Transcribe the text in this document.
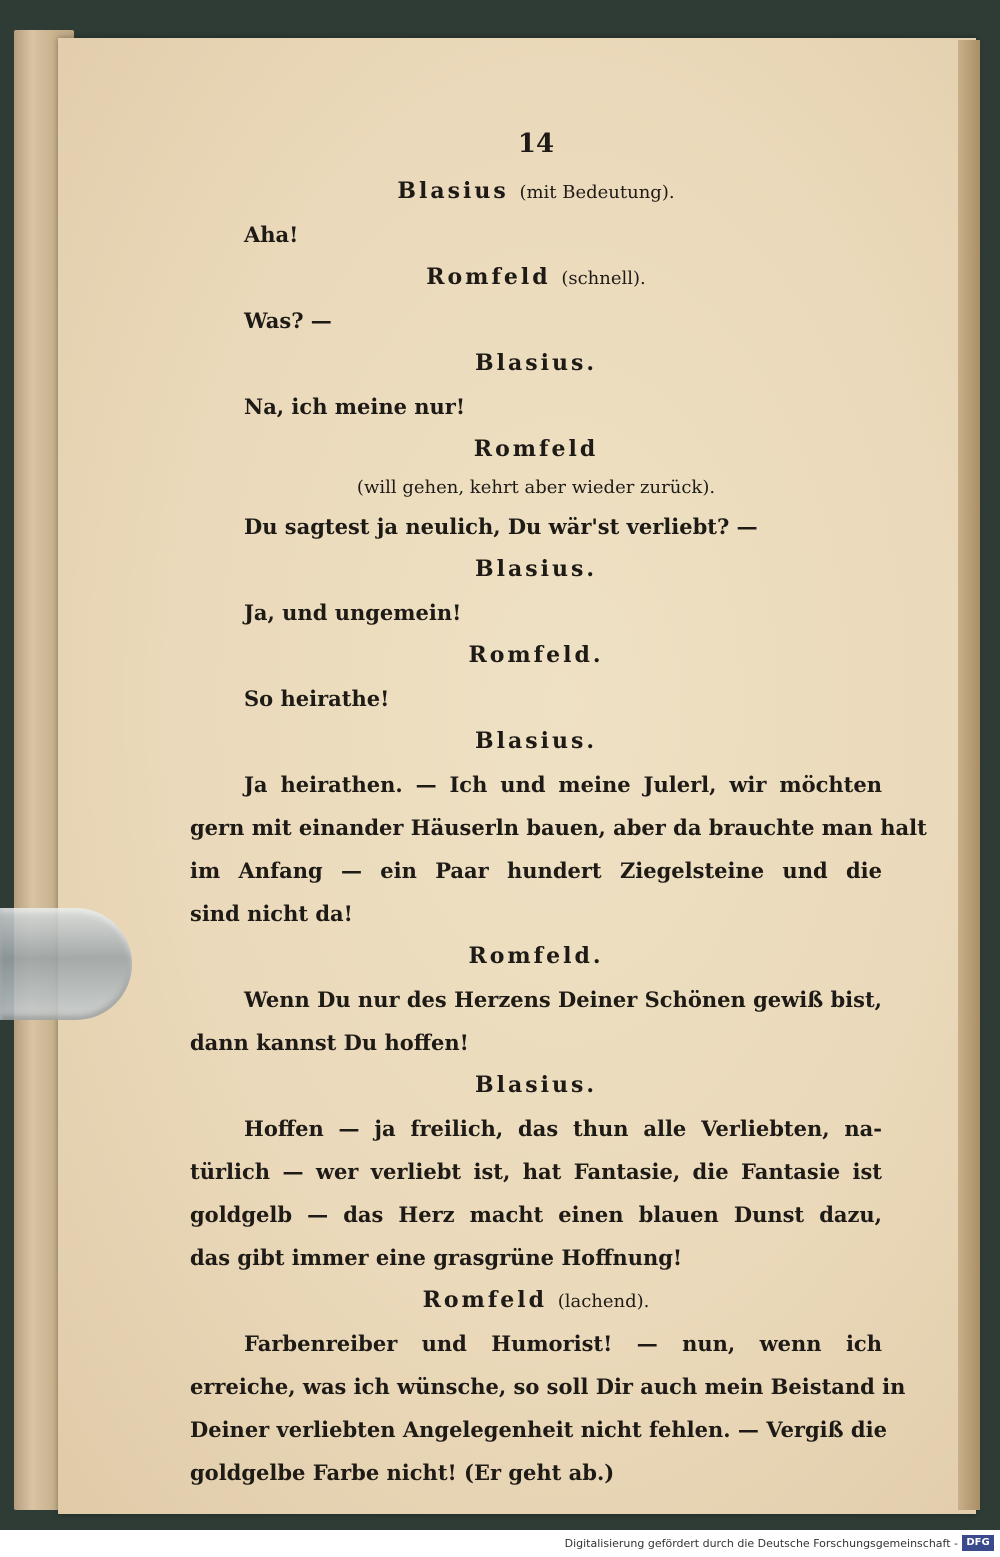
14
Blasius (mit Bedeutung).
Aha!
Romfeld (schnell).
Was? —
Blasius.
Na, ich meine nur!
Romfeld
(will gehen, kehrt aber wieder zurück).
Du sagtest ja neulich, Du wär'st verliebt? —
Blasius.
Ja, und ungemein!
Romfeld.
So heirathe!
Blasius.
Ja heirathen. — Ich und meine Julerl, wir möchten
gern mit einander Häuserln bauen, aber da brauchte man halt
im Anfang — ein Paar hundert Ziegelsteine und die
sind nicht da!
Romfeld.
Wenn Du nur des Herzens Deiner Schönen gewiß bist,
dann kannst Du hoffen!
Blasius.
Hoffen — ja freilich, das thun alle Verliebten, na-
türlich — wer verliebt ist, hat Fantasie, die Fantasie ist
goldgelb — das Herz macht einen blauen Dunst dazu,
das gibt immer eine grasgrüne Hoffnung!
Romfeld (lachend).
Farbenreiber und Humorist! — nun, wenn ich
erreiche, was ich wünsche, so soll Dir auch mein Beistand in
Deiner verliebten Angelegenheit nicht fehlen. — Vergiß die
goldgelbe Farbe nicht! (Er geht ab.)
Digitalisierung gefördert durch die Deutsche Forschungsgemeinschaft - DFG
